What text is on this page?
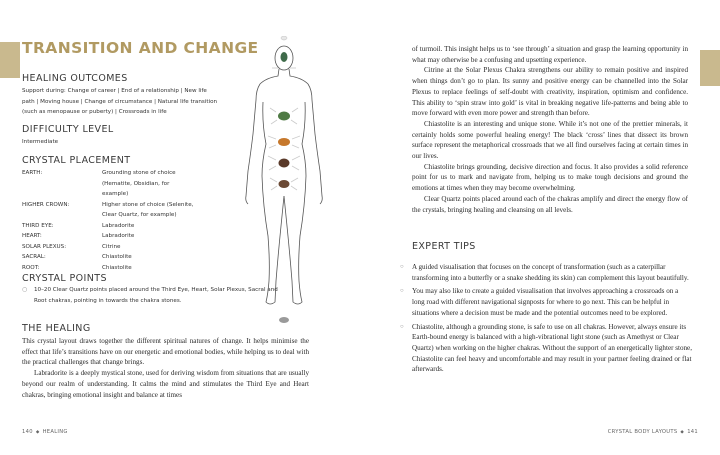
TRANSITION AND CHANGE
HEALING OUTCOMES
Support during: Change of career | End of a relationship | New life path | Moving house | Change of circumstance | Natural life transition (such as menopause or puberty) | Crossroads in life
DIFFICULTY LEVEL
Intermediate
CRYSTAL PLACEMENT
EARTH:	Grounding stone of choice (Hematite, Obsidian, for example)
HIGHER CROWN:	Higher stone of choice (Selenite, Clear Quartz, for example)
THIRD EYE:	Labradorite
HEART:	Labradorite
SOLAR PLEXUS:	Citrine
SACRAL:	Chiastolite
ROOT:	Chiastolite
CRYSTAL POINTS
○	10–20 Clear Quartz points placed around the Third Eye, Heart, Solar Plexus, Sacral and Root chakras, pointing in towards the chakra stones.
THE HEALING

This crystal layout draws together the different spiritual natures of change. It helps minimise the effect that life’s transitions have on our energetic and emotional bodies, while helping us to deal with the practical challenges that change brings.

Labradorite is a deeply mystical stone, used for deriving wisdom from situations that are usually beyond our realm of understanding. It calms the mind and stimulates the Third Eye and Heart chakras, bringing emotional insight and balance at times

140 ◆ HEALING

of turmoil. This insight helps us to ‘see through’ a situation and grasp the learning opportunity in what may otherwise be a confusing and upsetting experience.

Citrine at the Solar Plexus Chakra strengthens our ability to remain positive and inspired when things don’t go to plan. Its sunny and positive energy can be channelled into the Solar Plexus to replace feelings of self-doubt with creativity, inspiration, optimism and confidence. This ability to ‘spin straw into gold’ is vital in breaking negative life-patterns and being able to move forward with even more power and strength than before.

Chiastolite is an interesting and unique stone. While it’s not one of the prettier minerals, it certainly holds some powerful healing energy! The black ‘cross’ lines that dissect its brown surface represent the metaphorical crossroads that we all find ourselves facing at certain times in our lives.

Chiastolite brings grounding, decisive direction and focus. It also provides a solid reference point for us to mark and navigate from, helping us to make tough decisions and ground the emotions at times when they may become overwhelming.

Clear Quartz points placed around each of the chakras amplify and direct the energy flow of the crystals, bringing healing and cleansing on all levels.

EXPERT TIPS
○	A guided visualisation that focuses on the concept of transformation (such as a caterpillar transforming into a butterfly or a snake shedding its skin) can complement this layout beautifully.
○	You may also like to create a guided visualisation that involves approaching a crossroads on a long road with different navigational signposts for where to go next. This can be helpful in situations where a decision must be made and the potential outcomes need to be explored.
○	Chiastolite, although a grounding stone, is safe to use on all chakras. However, always ensure its Earth-bound energy is balanced with a high-vibrational light stone (such as Amethyst or Clear Quartz) when working on the higher chakras. Without the support of an energetically lighter stone, Chiastolite can feel heavy and uncomfortable and may result in your partner feeling drained or flat afterwards.
CRYSTAL BODY LAYOUTS ◆ 141
